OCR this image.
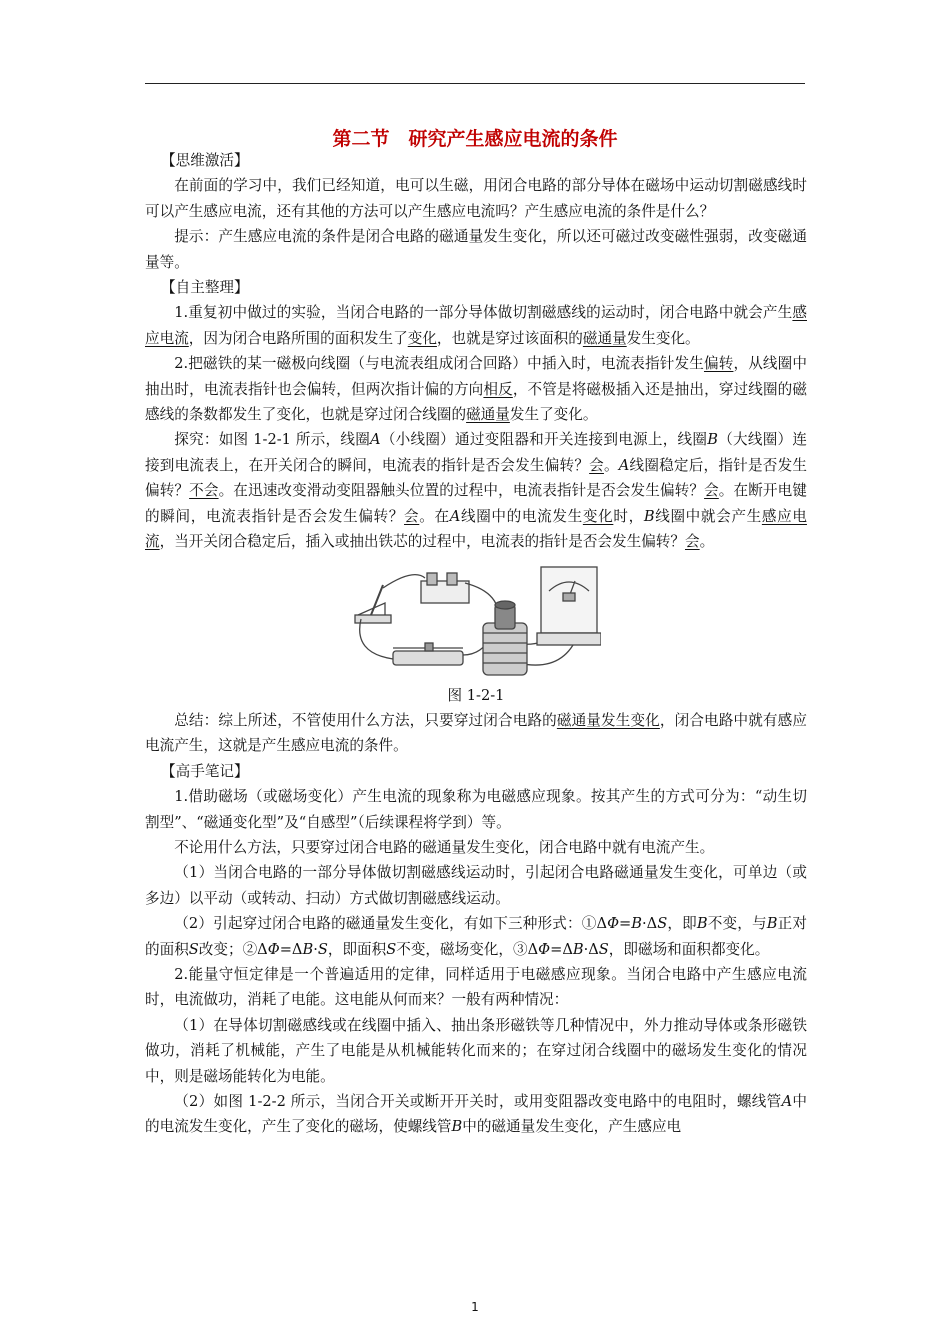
第二节　研究产生感应电流的条件

【思维激活】

在前面的学习中，我们已经知道，电可以生磁，用闭合电路的部分导体在磁场中运动切割磁感线时可以产生感应电流，还有其他的方法可以产生感应电流吗？产生感应电流的条件是什么？

提示：产生感应电流的条件是闭合电路的磁通量发生变化，所以还可磁过改变磁性强弱，改变磁通量等。

【自主整理】

1.重复初中做过的实验，当闭合电路的一部分导体做切割磁感线的运动时，闭合电路中就会产生感应电流，因为闭合电路所围的面积发生了变化，也就是穿过该面积的磁通量发生变化。

2.把磁铁的某一磁极向线圈（与电流表组成闭合回路）中插入时，电流表指针发生偏转，从线圈中抽出时，电流表指针也会偏转，但两次指计偏的方向相反，不管是将磁极插入还是抽出，穿过线圈的磁感线的条数都发生了变化，也就是穿过闭合线圈的磁通量发生了变化。

探究：如图 1-2-1 所示，线圈A（小线圈）通过变阻器和开关连接到电源上，线圈B（大线圈）连接到电流表上，在开关闭合的瞬间，电流表的指针是否会发生偏转？会。A线圈稳定后，指针是否发生偏转？不会。在迅速改变滑动变阻器触头位置的过程中，电流表指针是否会发生偏转？会。在断开电键的瞬间，电流表指针是否会发生偏转？会。在A线圈中的电流发生变化时，B线圈中就会产生感应电流，当开关闭合稳定后，插入或抽出铁芯的过程中，电流表的指针是否会发生偏转？会。

图 1-2-1

总结：综上所述，不管使用什么方法，只要穿过闭合电路的磁通量发生变化，闭合电路中就有感应电流产生，这就是产生感应电流的条件。

【高手笔记】

1.借助磁场（或磁场变化）产生电流的现象称为电磁感应现象。按其产生的方式可分为：“动生切割型”、“磁通变化型”及“自感型”（后续课程将学到）等。

不论用什么方法，只要穿过闭合电路的磁通量发生变化，闭合电路中就有电流产生。

（1）当闭合电路的一部分导体做切割磁感线运动时，引起闭合电路磁通量发生变化，可单边（或多边）以平动（或转动、扫动）方式做切割磁感线运动。

（2）引起穿过闭合电路的磁通量发生变化，有如下三种形式：①ΔΦ=B·ΔS，即B不变，与B正对的面积S改变；②ΔΦ=ΔB·S，即面积S不变，磁场变化，③ΔΦ=ΔB·ΔS，即磁场和面积都变化。

2.能量守恒定律是一个普遍适用的定律，同样适用于电磁感应现象。当闭合电路中产生感应电流时，电流做功，消耗了电能。这电能从何而来？一般有两种情况：

（1）在导体切割磁感线或在线圈中插入、抽出条形磁铁等几种情况中，外力推动导体或条形磁铁做功，消耗了机械能，产生了电能是从机械能转化而来的；在穿过闭合线圈中的磁场发生变化的情况中，则是磁场能转化为电能。

（2）如图 1-2-2 所示，当闭合开关或断开开关时，或用变阻器改变电路中的电阻时，螺线管A中的电流发生变化，产生了变化的磁场，使螺线管B中的磁通量发生变化，产生感应电

1
